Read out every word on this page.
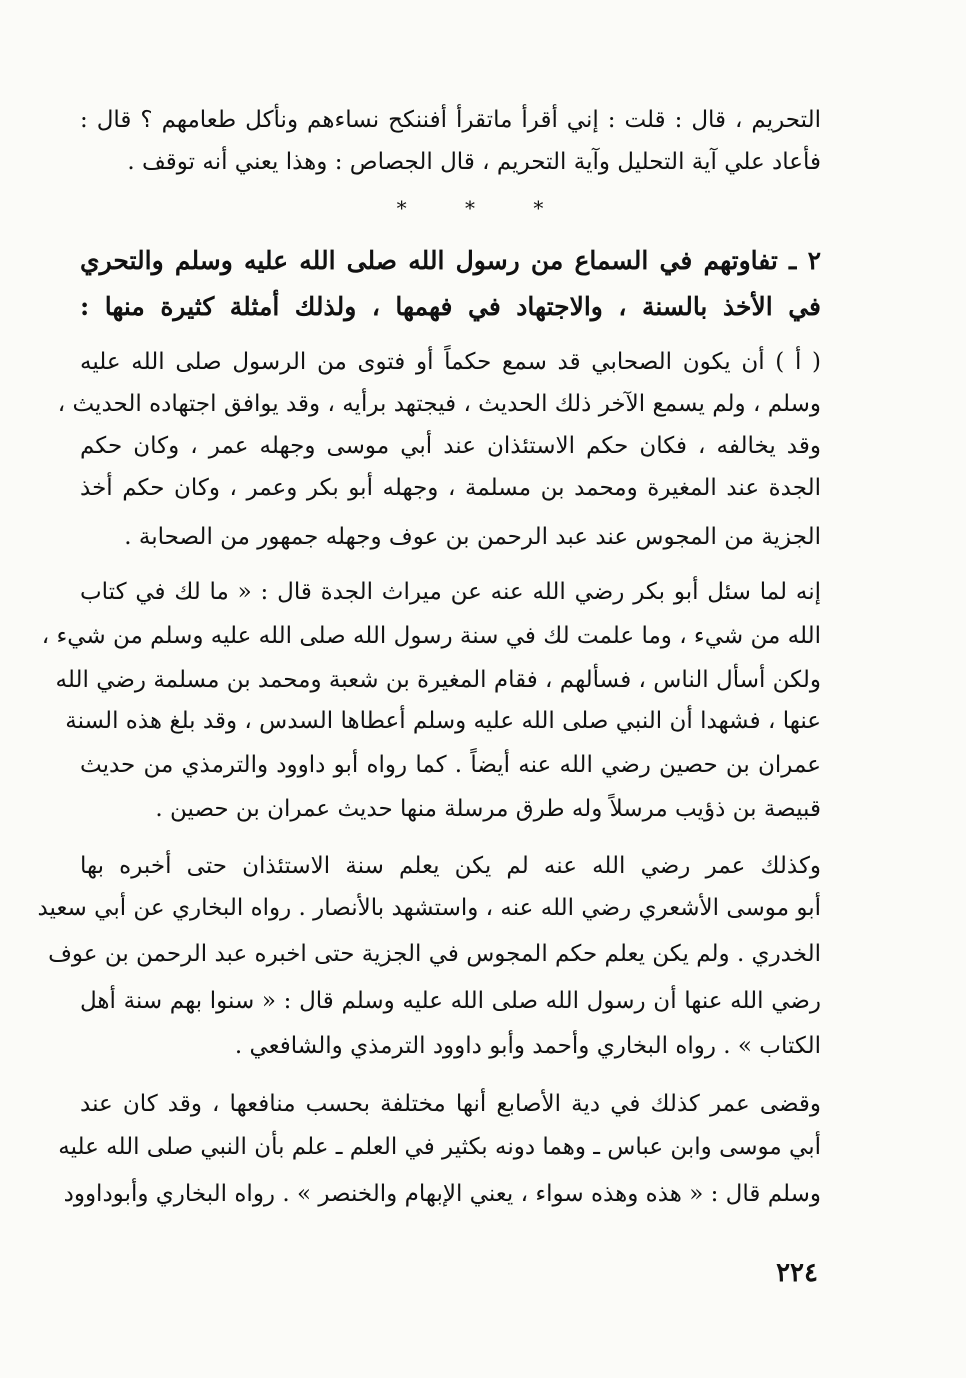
التحريم ، قال : قلت : إني أقرأ ماتقرأ أفننكح نساءهم ونأكل طعامهم ؟ قال :
فأعاد علي آية التحليل وآية التحريم ، قال الجصاص : وهذا يعني أنه توقف .
* * *
٢ ـ تفاوتهم في السماع من رسول الله صلى الله عليه وسلم والتحري
في الأخذ بالسنة ، والاجتهاد في فهمها ، ولذلك أمثلة كثيرة منها :
( أ ) أن يكون الصحابي قد سمع حكماً أو فتوى من الرسول صلى الله عليه
وسلم ، ولم يسمع الآخر ذلك الحديث ، فيجتهد برأيه ، وقد يوافق اجتهاده الحديث ،
وقد يخالفه ، فكان حكم الاستئذان عند أبي موسى وجهله عمر ، وكان حكم
الجدة عند المغيرة ومحمد بن مسلمة ، وجهله أبو بكر وعمر ، وكان حكم أخذ
الجزية من المجوس عند عبد الرحمن بن عوف وجهله جمهور من الصحابة .
إنه لما سئل أبو بكر رضي الله عنه عن ميراث الجدة قال : « ما لك في كتاب
الله من شيء ، وما علمت لك في سنة رسول الله صلى الله عليه وسلم من شيء ،
ولكن أسأل الناس ، فسألهم ، فقام المغيرة بن شعبة ومحمد بن مسلمة رضي الله
عنها ، فشهدا أن النبي صلى الله عليه وسلم أعطاها السدس ، وقد بلغ هذه السنة
عمران بن حصين رضي الله عنه أيضاً . كما رواه أبو داوود والترمذي من حديث
قبيصة بن ذؤيب مرسلاً وله طرق مرسلة منها حديث عمران بن حصين .
وكذلك عمر رضي الله عنه لم يكن يعلم سنة الاستئذان حتى أخبره بها
أبو موسى الأشعري رضي الله عنه ، واستشهد بالأنصار . رواه البخاري عن أبي سعيد
الخدري . ولم يكن يعلم حكم المجوس في الجزية حتى اخبره عبد الرحمن بن عوف
رضي الله عنها أن رسول الله صلى الله عليه وسلم قال : « سنوا بهم سنة أهل
الكتاب » . رواه البخاري وأحمد وأبو داوود الترمذي والشافعي .
وقضى عمر كذلك في دية الأصابع أنها مختلفة بحسب منافعها ، وقد كان عند
أبي موسى وابن عباس ـ وهما دونه بكثير في العلم ـ علم بأن النبي صلى الله عليه
وسلم قال : « هذه وهذه سواء ، يعني الإبهام والخنصر » . رواه البخاري وأبوداوود
٢٢٤
